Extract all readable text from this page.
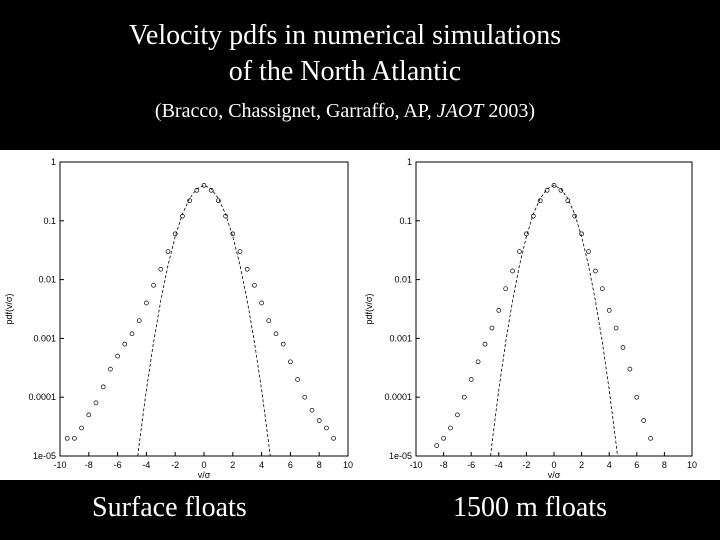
Velocity pdfs in numerical simulations
of the North Atlantic
(Bracco, Chassignet, Garraffo, AP, JAOT 2003)
-10 -8 -6 -4 -2 0	2	4	6	8 10
1
0.1
0.01
0.001
0.0001
1e-05
v/σ
pdf(v/σ)
-10 -8 -6 -4 -2 0	2	4	6	8 10
1
0.1
0.01
0.001
0.0001
1e-05
v/σ
pdf(v/σ)
Surface floats	1500 m floats
